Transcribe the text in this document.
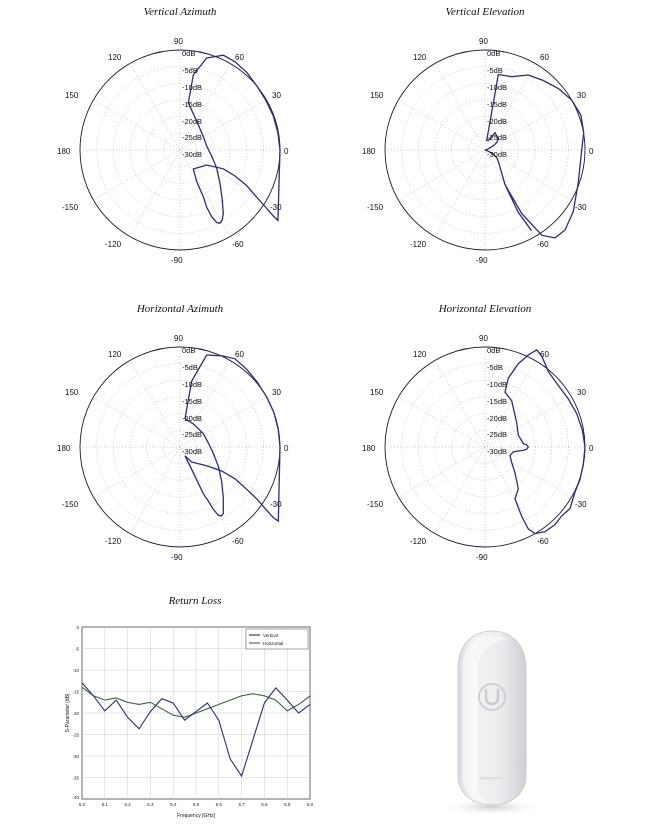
Vertical Azimuth
0
30
60
90
120
150
180
-150
-120
-90
-60
-30
0dB
-5dB
-10dB
-15dB
-20dB
-25dB
-30dB
Vertical Elevation
0
30
60
90
120
150
180
-150
-120
-90
-60
-30
0dB
-5dB
-10dB
-15dB
-20dB
-25dB
-30dB
Horizontal Azimuth
0
30
60
90
120
150
180
-150
-120
-90
-60
-30
0dB
-5dB
-10dB
-15dB
-20dB
-25dB
-30dB
Horizontal Elevation
0
30
60
90
120
150
180
-150
-120
-90
-60
-30
0dB
-5dB
-10dB
-15dB
-20dB
-25dB
-30dB
Return Loss
5.0	5.1	5.2	5.3	5.4	5.5	5.6	5.7	5.8	5.9	6.0
0
-5
-10
-15
-20
-25
-30
-35
-40
Frequency [GHz]
S-Parameter [dB]
Vertical
Horizontal
